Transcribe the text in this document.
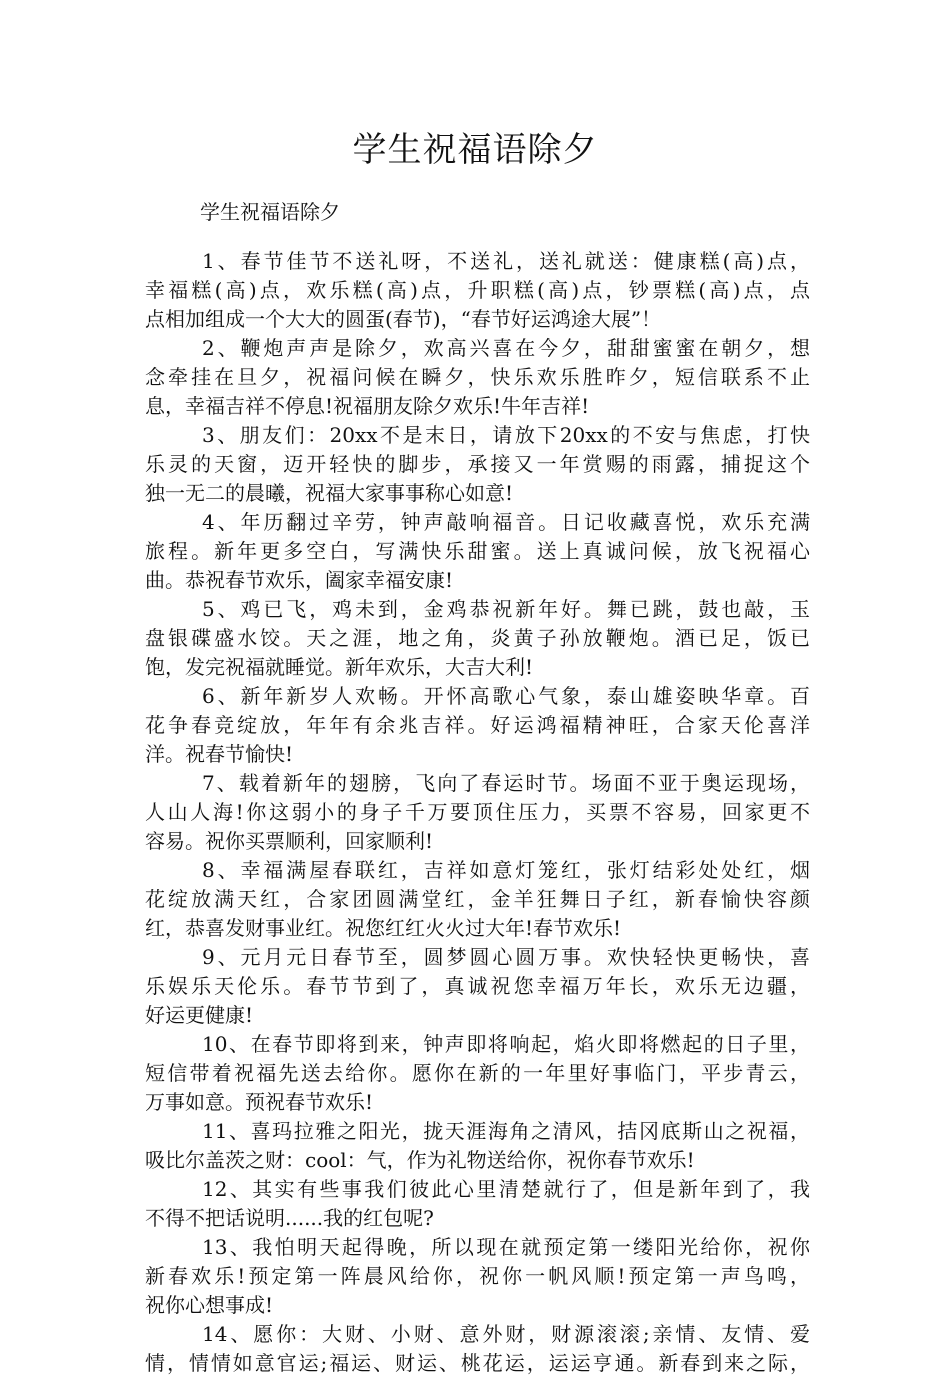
学生祝福语除夕

学生祝福语除夕

1、春节佳节不送礼呀，不送礼，送礼就送：健康糕(高)点，
幸福糕(高)点，欢乐糕(高)点，升职糕(高)点，钞票糕(高)点，点
点相加组成一个大大的圆蛋(春节)，“春节好运鸿途大展”！
2、鞭炮声声是除夕，欢高兴喜在今夕，甜甜蜜蜜在朝夕，想
念牵挂在旦夕，祝福问候在瞬夕，快乐欢乐胜昨夕，短信联系不止
息，幸福吉祥不停息!祝福朋友除夕欢乐!牛年吉祥!
3、朋友们：20xx不是末日，请放下20xx的不安与焦虑，打快
乐灵的天窗，迈开轻快的脚步，承接又一年赏赐的雨露，捕捉这个
独一无二的晨曦，祝福大家事事称心如意!
4、年历翻过辛劳，钟声敲响福音。日记收藏喜悦，欢乐充满
旅程。新年更多空白，写满快乐甜蜜。送上真诚问候，放飞祝福心
曲。恭祝春节欢乐，阖家幸福安康!
5、鸡已飞，鸡未到，金鸡恭祝新年好。舞已跳，鼓也敲，玉
盘银碟盛水饺。天之涯，地之角，炎黄子孙放鞭炮。酒已足，饭已
饱，发完祝福就睡觉。新年欢乐，大吉大利!
6、新年新岁人欢畅。开怀高歌心气象，泰山雄姿映华章。百
花争春竞绽放，年年有余兆吉祥。好运鸿福精神旺，合家天伦喜洋
洋。祝春节愉快!
7、载着新年的翅膀，飞向了春运时节。场面不亚于奥运现场，
人山人海!你这弱小的身子千万要顶住压力，买票不容易，回家更不
容易。祝你买票顺利，回家顺利!
8、幸福满屋春联红，吉祥如意灯笼红，张灯结彩处处红，烟
花绽放满天红，合家团圆满堂红，金羊狂舞日子红，新春愉快容颜
红，恭喜发财事业红。祝您红红火火过大年!春节欢乐!
9、元月元日春节至，圆梦圆心圆万事。欢快轻快更畅快，喜
乐娱乐天伦乐。春节节到了，真诚祝您幸福万年长，欢乐无边疆，
好运更健康!
10、在春节即将到来，钟声即将响起，焰火即将燃起的日子里，
短信带着祝福先送去给你。愿你在新的一年里好事临门，平步青云，
万事如意。预祝春节欢乐!
11、喜玛拉雅之阳光，拢天涯海角之清风，拮冈底斯山之祝福，
吸比尔盖茨之财：cool：气，作为礼物送给你，祝你春节欢乐!
12、其实有些事我们彼此心里清楚就行了，但是新年到了，我
不得不把话说明......我的红包呢?
13、我怕明天起得晚，所以现在就预定第一缕阳光给你，祝你
新春欢乐!预定第一阵晨风给你，祝你一帆风顺!预定第一声鸟鸣，
祝你心想事成!
14、愿你：大财、小财、意外财，财源滚滚;亲情、友情、爱
情，情情如意官运;福运、财运、桃花运，运运亨通。新春到来之际，
